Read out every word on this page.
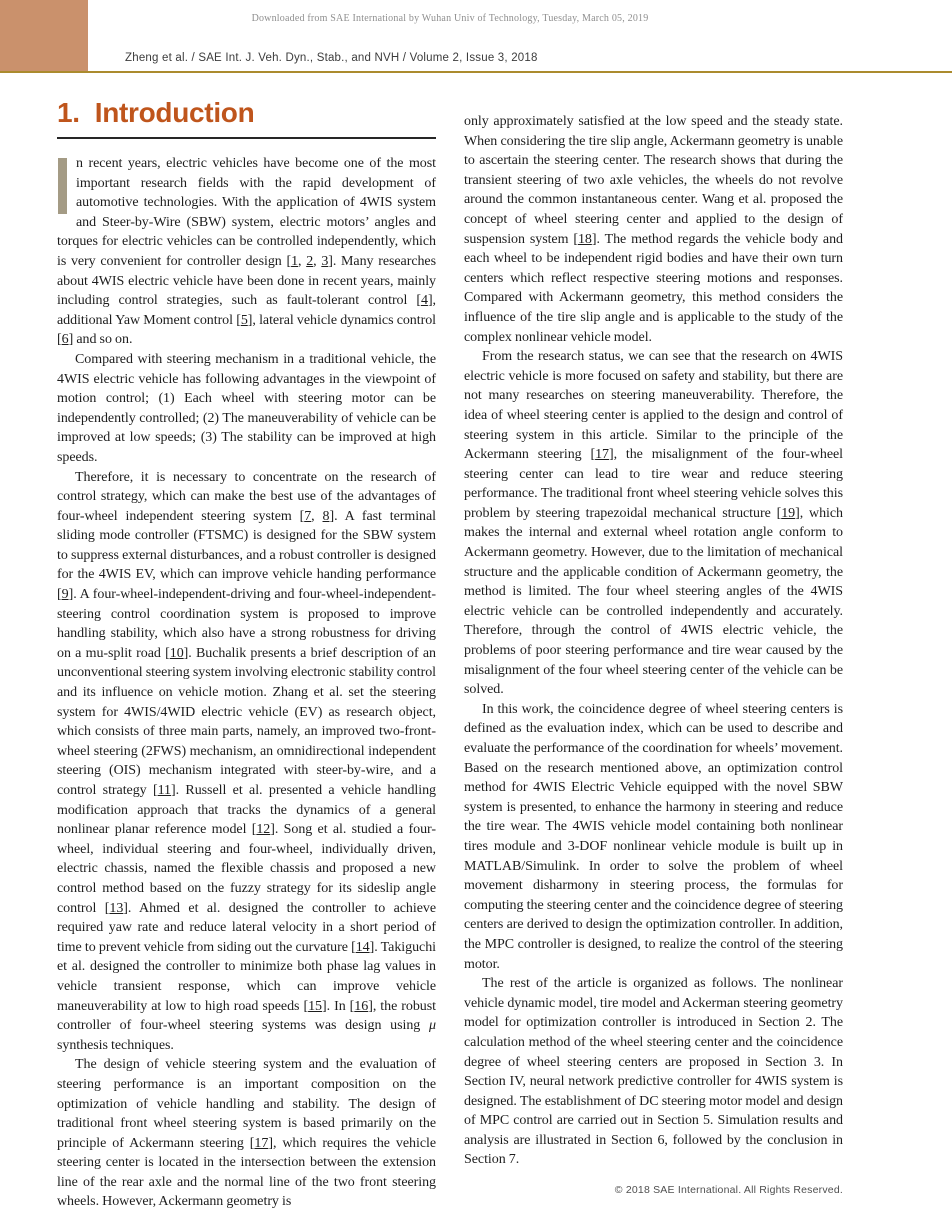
Downloaded from SAE International by Wuhan Univ of Technology, Tuesday, March 05, 2019
Zheng et al. / SAE Int. J. Veh. Dyn., Stab., and NVH / Volume 2, Issue 3, 2018
1.  Introduction

n recent years, electric vehicles have become one of the most important research fields with the rapid development of automotive technologies. With the application of 4WIS system and Steer-by-Wire (SBW) system, electric motors’ angles and torques for electric vehicles can be controlled independently, which is very convenient for controller design [1, 2, 3]. Many researches about 4WIS electric vehicle have been done in recent years, mainly including control strategies, such as fault-tolerant control [4], additional Yaw Moment control [5], lateral vehicle dynamics control [6] and so on.

Compared with steering mechanism in a traditional vehicle, the 4WIS electric vehicle has following advantages in the viewpoint of motion control; (1) Each wheel with steering motor can be independently controlled; (2) The maneuverability of vehicle can be improved at low speeds; (3) The stability can be improved at high speeds.

Therefore, it is necessary to concentrate on the research of control strategy, which can make the best use of the advantages of four-wheel independent steering system [7, 8]. A fast terminal sliding mode controller (FTSMC) is designed for the SBW system to suppress external disturbances, and a robust controller is designed for the 4WIS EV, which can improve vehicle handing performance [9]. A four-wheel-independent-driving and four-wheel-independent-steering control coordination system is proposed to improve handling stability, which also have a strong robustness for driving on a mu-split road [10]. Buchalik presents a brief description of an unconventional steering system involving electronic stability control and its influence on vehicle motion. Zhang et al. set the steering system for 4WIS/4WID electric vehicle (EV) as research object, which consists of three main parts, namely, an improved two-front-wheel steering (2FWS) mechanism, an omnidirectional independent steering (OIS) mechanism integrated with steer-by-wire, and a control strategy [11]. Russell et al. presented a vehicle handling modification approach that tracks the dynamics of a general nonlinear planar reference model [12]. Song et al. studied a four-wheel, individual steering and four-wheel, individually driven, electric chassis, named the flexible chassis and proposed a new control method based on the fuzzy strategy for its sideslip angle control [13]. Ahmed et al. designed the controller to achieve required yaw rate and reduce lateral velocity in a short period of time to prevent vehicle from siding out the curvature [14]. Takiguchi et al. designed the controller to minimize both phase lag values in vehicle transient response, which can improve vehicle maneuverability at low to high road speeds [15]. In [16], the robust controller of four-wheel steering systems was design using μ synthesis techniques.

The design of vehicle steering system and the evaluation of steering performance is an important composition on the optimization of vehicle handling and stability. The design of traditional front wheel steering system is based primarily on the principle of Ackermann steering [17], which requires the vehicle steering center is located in the intersection between the extension line of the rear axle and the normal line of the two front steering wheels. However, Ackermann geometry is

only approximately satisfied at the low speed and the steady state. When considering the tire slip angle, Ackermann geometry is unable to ascertain the steering center. The research shows that during the transient steering of two axle vehicles, the wheels do not revolve around the common instantaneous center. Wang et al. proposed the concept of wheel steering center and applied to the design of suspension system [18]. The method regards the vehicle body and each wheel to be independent rigid bodies and have their own turn centers which reflect respective steering motions and responses. Compared with Ackermann geometry, this method considers the influence of the tire slip angle and is applicable to the study of the complex nonlinear vehicle model.

From the research status, we can see that the research on 4WIS electric vehicle is more focused on safety and stability, but there are not many researches on steering maneuverability. Therefore, the idea of wheel steering center is applied to the design and control of steering system in this article. Similar to the principle of the Ackermann steering [17], the misalignment of the four-wheel steering center can lead to tire wear and reduce steering performance. The traditional front wheel steering vehicle solves this problem by steering trapezoidal mechanical structure [19], which makes the internal and external wheel rotation angle conform to Ackermann geometry. However, due to the limitation of mechanical structure and the applicable condition of Ackermann geometry, the method is limited. The four wheel steering angles of the 4WIS electric vehicle can be controlled independently and accurately. Therefore, through the control of 4WIS electric vehicle, the problems of poor steering performance and tire wear caused by the misalignment of the four wheel steering center of the vehicle can be solved.

In this work, the coincidence degree of wheel steering centers is defined as the evaluation index, which can be used to describe and evaluate the performance of the coordination for wheels’ movement. Based on the research mentioned above, an optimization control method for 4WIS Electric Vehicle equipped with the novel SBW system is presented, to enhance the harmony in steering and reduce the tire wear. The 4WIS vehicle model containing both nonlinear tires module and 3-DOF nonlinear vehicle module is built up in MATLAB/Simulink. In order to solve the problem of wheel movement disharmony in steering process, the formulas for computing the steering center and the coincidence degree of steering centers are derived to design the optimization controller. In addition, the MPC controller is designed, to realize the control of the steering motor.

The rest of the article is organized as follows. The nonlinear vehicle dynamic model, tire model and Ackerman steering geometry model for optimization controller is introduced in Section 2. The calculation method of the wheel steering center and the coincidence degree of wheel steering centers are proposed in Section 3. In Section IV, neural network predictive controller for 4WIS system is designed. The establishment of DC steering motor model and design of MPC control are carried out in Section 5. Simulation results and analysis are illustrated in Section 6, followed by the conclusion in Section 7.

© 2018 SAE International. All Rights Reserved.
